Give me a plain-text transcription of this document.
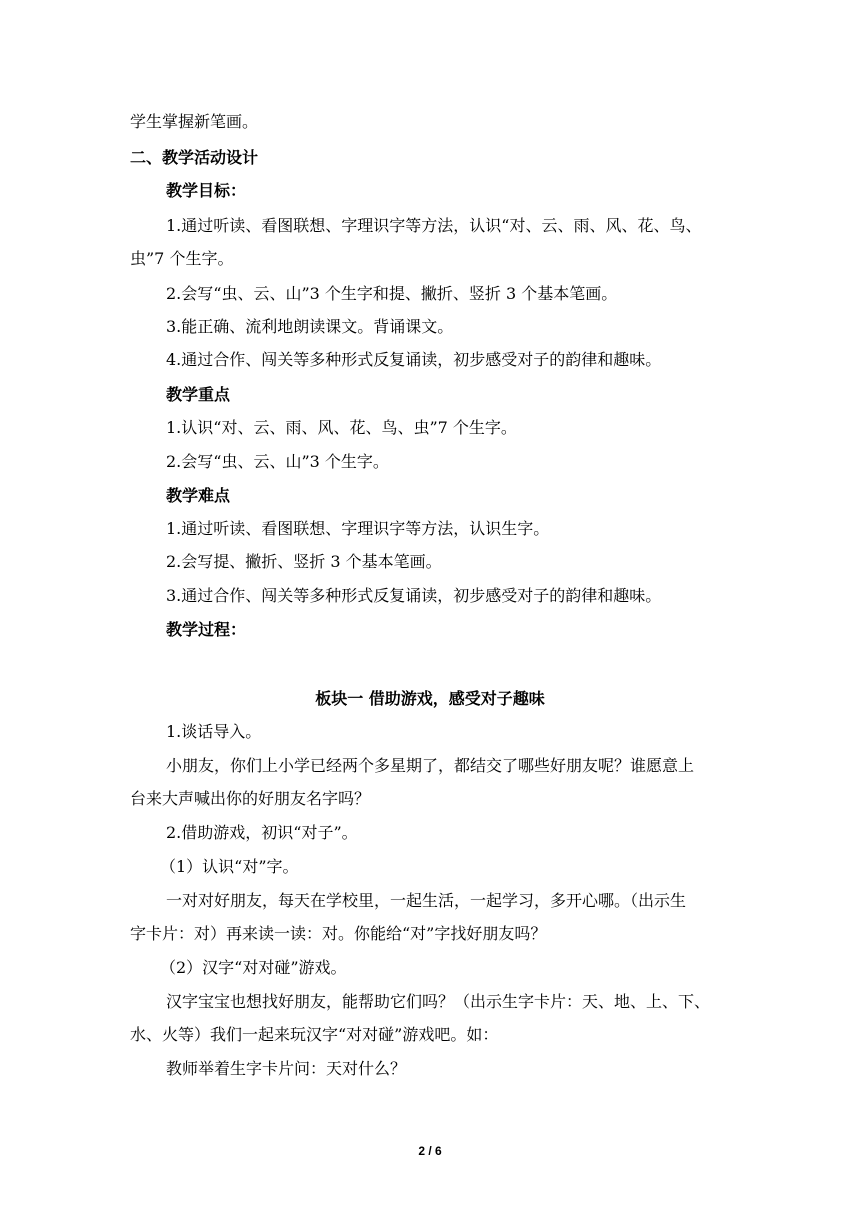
学生掌握新笔画。
二、教学活动设计
教学目标：
1.通过听读、看图联想、字理识字等方法，认识“对、云、雨、风、花、鸟、
虫”7 个生字。
2.会写“虫、云、山”3 个生字和提、撇折、竖折 3 个基本笔画。
3.能正确、流利地朗读课文。背诵课文。
4.通过合作、闯关等多种形式反复诵读，初步感受对子的韵律和趣味。
教学重点
1.认识“对、云、雨、风、花、鸟、虫”7 个生字。
2.会写“虫、云、山”3 个生字。
教学难点
1.通过听读、看图联想、字理识字等方法，认识生字。
2.会写提、撇折、竖折 3 个基本笔画。
3.通过合作、闯关等多种形式反复诵读，初步感受对子的韵律和趣味。
教学过程：
板块一 借助游戏，感受对子趣味
1.谈话导入。
小朋友，你们上小学已经两个多星期了，都结交了哪些好朋友呢？谁愿意上
台来大声喊出你的好朋友名字吗？
2.借助游戏，初识“对子”。
（1）认识“对”字。
一对对好朋友，每天在学校里，一起生活，一起学习，多开心哪。（出示生
字卡片：对）再来读一读：对。你能给“对”字找好朋友吗？
（2）汉字“对对碰”游戏。
汉字宝宝也想找好朋友，能帮助它们吗？（出示生字卡片：天、地、上、下、
水、火等）我们一起来玩汉字“对对碰”游戏吧。如：
教师举着生字卡片问：天对什么？
2 / 6
